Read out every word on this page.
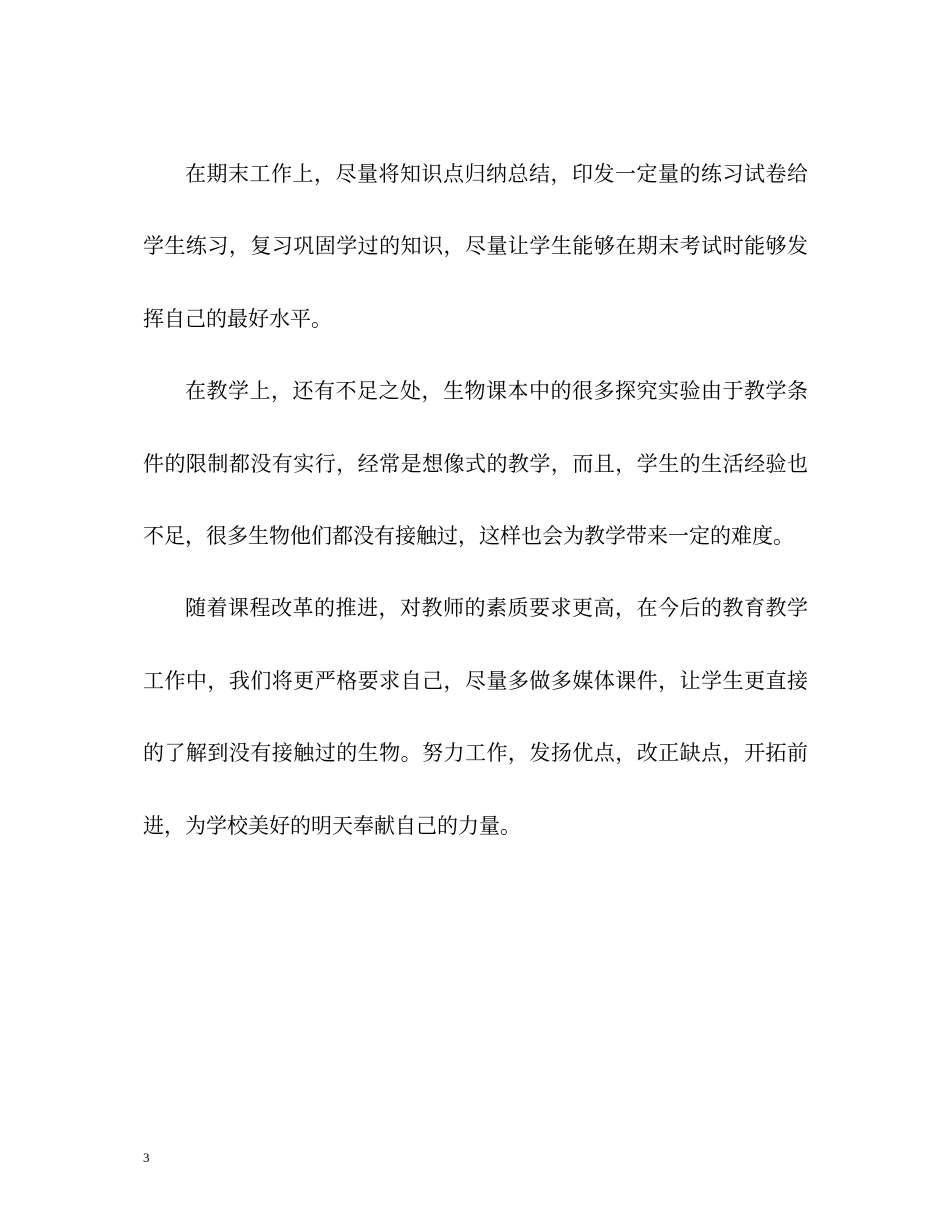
在期末工作上，尽量将知识点归纳总结，印发一定量的练习试卷给学生练习，复习巩固学过的知识，尽量让学生能够在期末考试时能够发挥自己的最好水平。

在教学上，还有不足之处，生物课本中的很多探究实验由于教学条件的限制都没有实行，经常是想像式的教学，而且，学生的生活经验也不足，很多生物他们都没有接触过，这样也会为教学带来一定的难度。

随着课程改革的推进，对教师的素质要求更高，在今后的教育教学工作中，我们将更严格要求自己，尽量多做多媒体课件，让学生更直接的了解到没有接触过的生物。努力工作，发扬优点，改正缺点，开拓前进，为学校美好的明天奉献自己的力量。

3
